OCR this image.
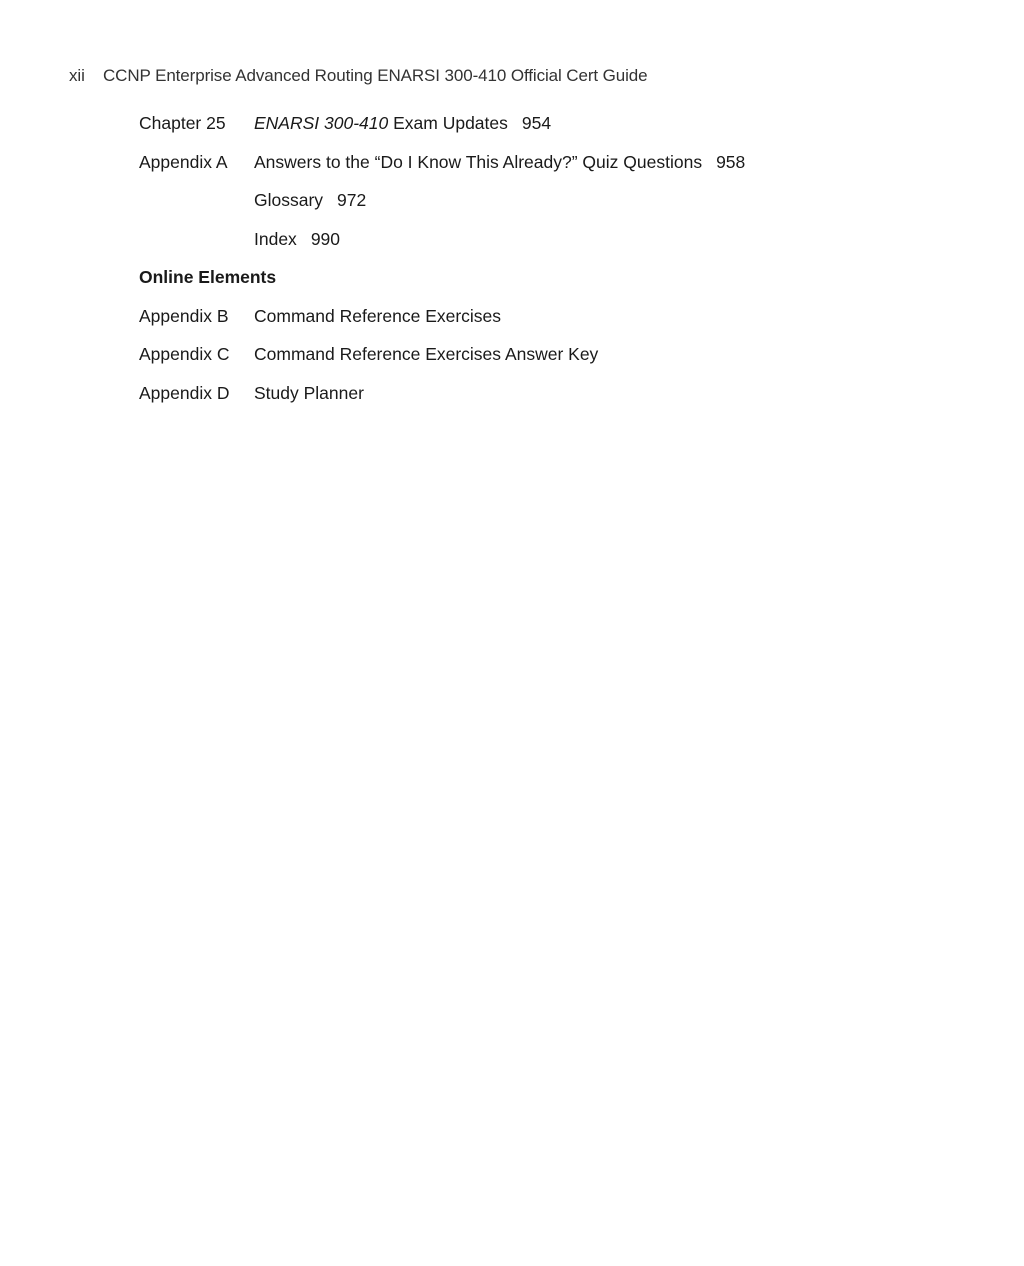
xii CCNP Enterprise Advanced Routing ENARSI 300-410 Official Cert Guide
Chapter 25	ENARSI 300-410 Exam Updates 954
Appendix A	Answers to the “Do I Know This Already?” Quiz Questions 958
Glossary 972
Index 990
Online Elements
Appendix B	Command Reference Exercises
Appendix C	Command Reference Exercises Answer Key
Appendix D	Study Planner
